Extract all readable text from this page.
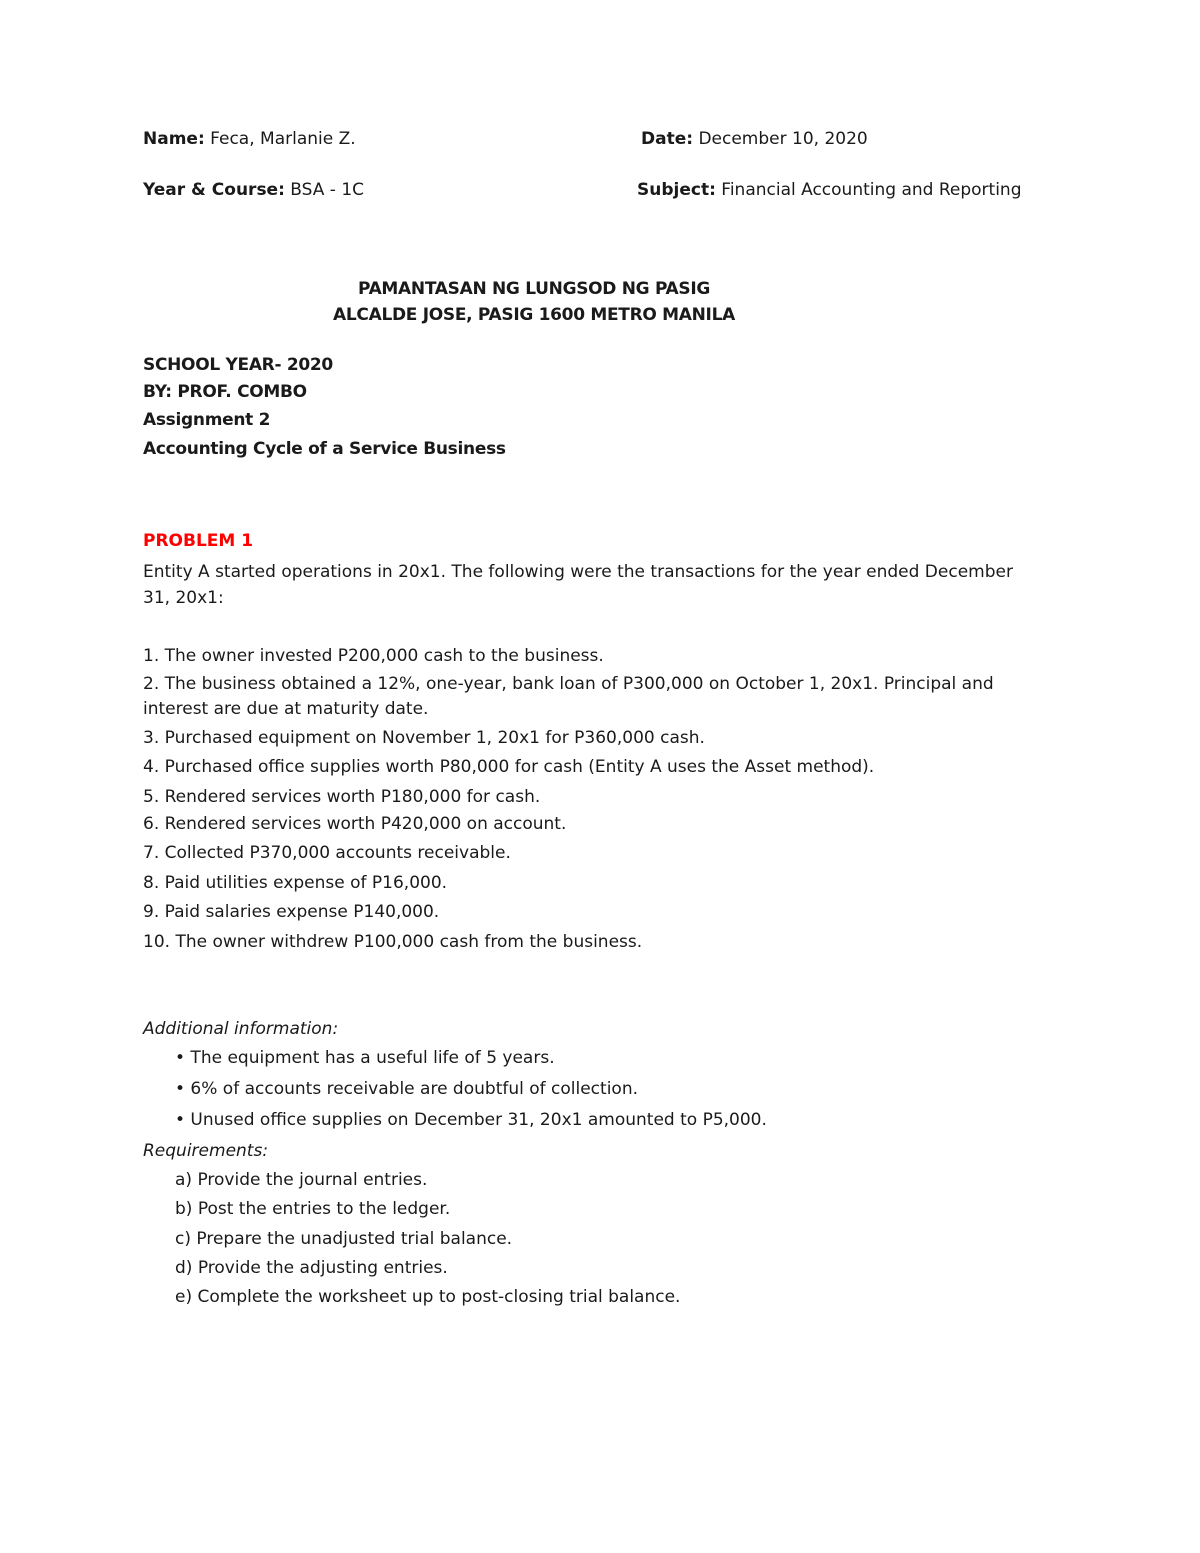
Name: Feca, Marlanie Z.	Date: December 10, 2020
Year & Course: BSA - 1C	Subject: Financial Accounting and Reporting
PAMANTASAN NG LUNGSOD NG PASIG
ALCALDE JOSE, PASIG 1600 METRO MANILA
SCHOOL YEAR- 2020
BY: PROF. COMBO
Assignment 2
Accounting Cycle of a Service Business
PROBLEM 1
Entity A started operations in 20x1. The following were the transactions for the year ended December
31, 20x1:
1. The owner invested P200,000 cash to the business.
2. The business obtained a 12%, one-year, bank loan of P300,000 on October 1, 20x1. Principal and
interest are due at maturity date.
3. Purchased equipment on November 1, 20x1 for P360,000 cash.
4. Purchased office supplies worth P80,000 for cash (Entity A uses the Asset method).
5. Rendered services worth P180,000 for cash.
6. Rendered services worth P420,000 on account.
7. Collected P370,000 accounts receivable.
8. Paid utilities expense of P16,000.
9. Paid salaries expense P140,000.
10. The owner withdrew P100,000 cash from the business.
Additional information:
• The equipment has a useful life of 5 years.
• 6% of accounts receivable are doubtful of collection.
• Unused office supplies on December 31, 20x1 amounted to P5,000.
Requirements:
a) Provide the journal entries.
b) Post the entries to the ledger.
c) Prepare the unadjusted trial balance.
d) Provide the adjusting entries.
e) Complete the worksheet up to post-closing trial balance.
